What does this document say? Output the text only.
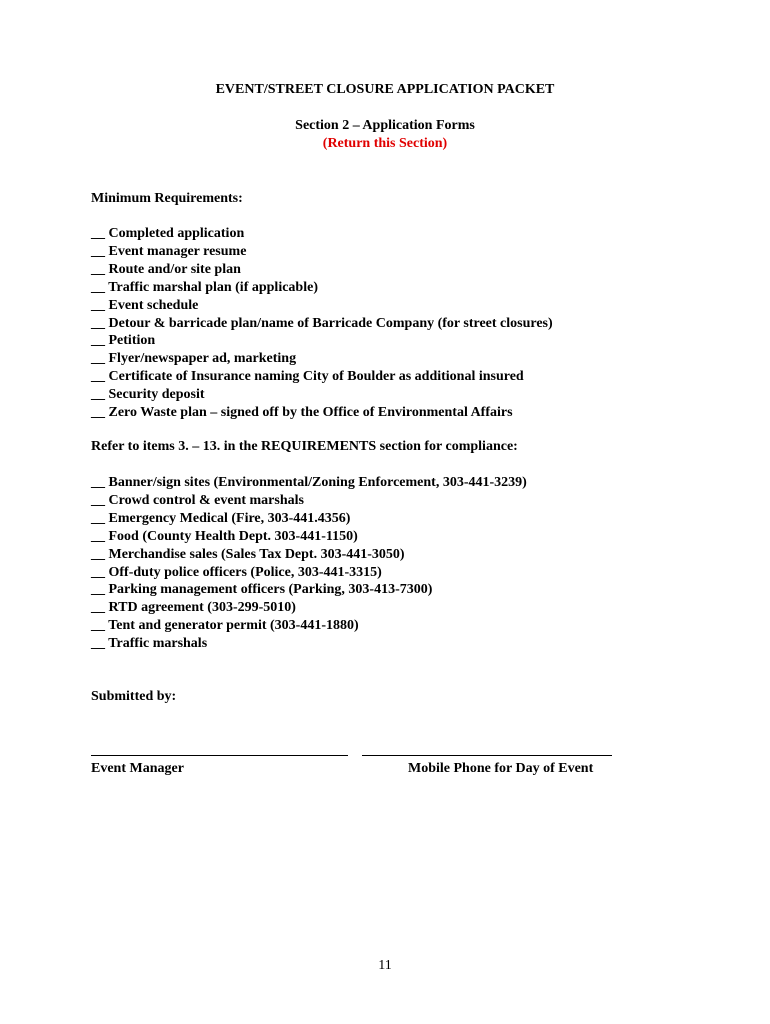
EVENT/STREET CLOSURE APPLICATION PACKET
Section 2 – Application Forms
(Return this Section)
Minimum Requirements:
__ Completed application
__ Event manager resume
__ Route and/or site plan
__ Traffic marshal plan (if applicable)
__ Event schedule
__ Detour & barricade plan/name of Barricade Company (for street closures)
__ Petition
__ Flyer/newspaper ad, marketing
__ Certificate of Insurance naming City of Boulder as additional insured
__ Security deposit
__ Zero Waste plan – signed off by the Office of Environmental Affairs
Refer to items 3. – 13. in the REQUIREMENTS section for compliance:
__ Banner/sign sites (Environmental/Zoning Enforcement, 303-441-3239)
__ Crowd control & event marshals
__ Emergency Medical (Fire, 303-441.4356)
__ Food (County Health Dept. 303-441-1150)
__ Merchandise sales (Sales Tax Dept. 303-441-3050)
__ Off-duty police officers (Police, 303-441-3315)
__ Parking management officers (Parking, 303-413-7300)
__ RTD agreement (303-299-5010)
__ Tent and generator permit (303-441-1880)
__ Traffic marshals
Submitted by:
Event Manager	Mobile Phone for Day of Event
11
